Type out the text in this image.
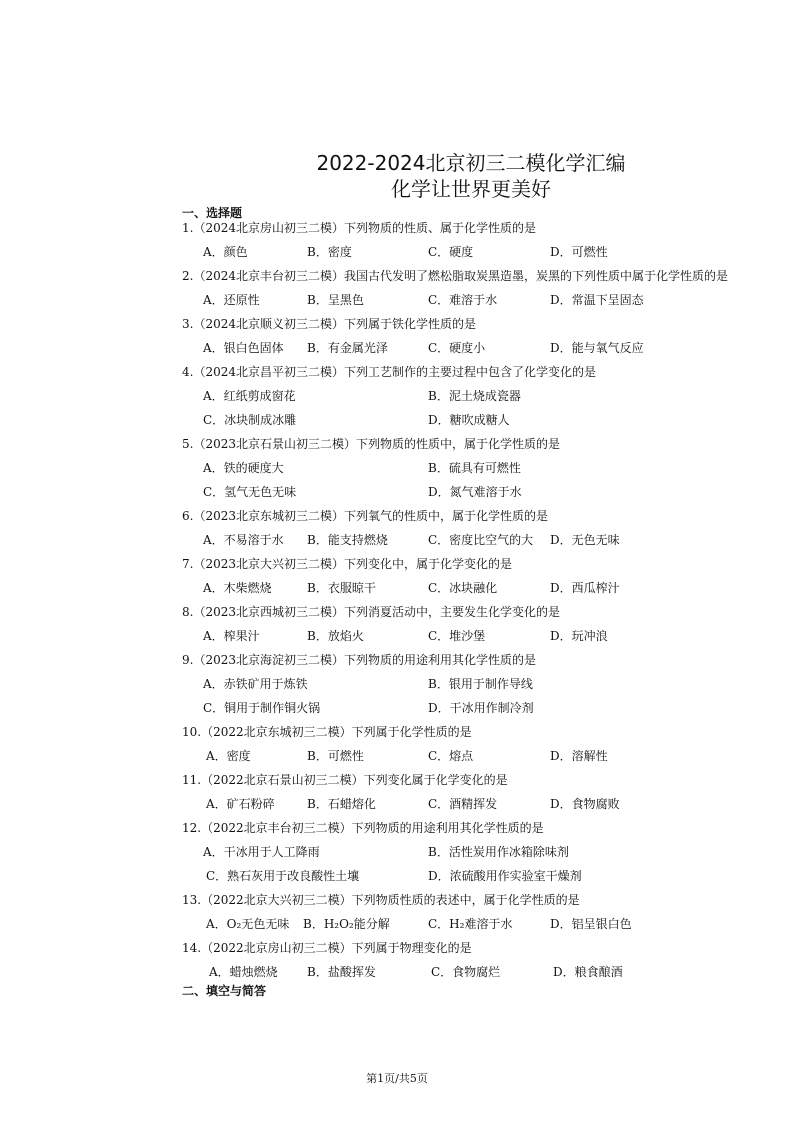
2022-2024北京初三二模化学汇编
化学让世界更美好
一、选择题
1.（2024北京房山初三二模）下列物质的性质、属于化学性质的是
A．颜色	B．密度	C．硬度	D．可燃性
2.（2024北京丰台初三二模）我国古代发明了燃松脂取炭黑造墨，炭黑的下列性质中属于化学性质的是
A．还原性	B．呈黑色	C．难溶于水	D．常温下呈固态
3.（2024北京顺义初三二模）下列属于铁化学性质的是
A．银白色固体 B．有金属光泽	C．硬度小	D．能与氧气反应
4.（2024北京昌平初三二模）下列工艺制作的主要过程中包含了化学变化的是
A．红纸剪成窗花	B．泥土烧成瓷器
C．冰块制成冰雕	D．糖吹成糖人
5.（2023北京石景山初三二模）下列物质的性质中，属于化学性质的是
A．铁的硬度大	B．硫具有可燃性
C．氢气无色无味	D．氮气难溶于水
6.（2023北京东城初三二模）下列氧气的性质中，属于化学性质的是
A．不易溶于水 B．能支持燃烧	C．密度比空气的大 D．无色无味
7.（2023北京大兴初三二模）下列变化中，属于化学变化的是
A．木柴燃烧	B．衣服晾干	C．冰块融化	D．西瓜榨汁
8.（2023北京西城初三二模）下列消夏活动中，主要发生化学变化的是
A．榨果汁	B．放焰火	C．堆沙堡	D．玩冲浪
9.（2023北京海淀初三二模）下列物质的用途利用其化学性质的是
A．赤铁矿用于炼铁	B．银用于制作导线
C．铜用于制作铜火锅	D．干冰用作制冷剂
10.（2022北京东城初三二模）下列属于化学性质的是
A．密度	B．可燃性	C．熔点	D．溶解性
11.（2022北京石景山初三二模）下列变化属于化学变化的是
A．矿石粉碎	B．石蜡熔化	C．酒精挥发	D．食物腐败
12.（2022北京丰台初三二模）下列物质的用途利用其化学性质的是
A．干冰用于人工降雨	B．活性炭用作冰箱除味剂
C．熟石灰用于改良酸性土壤	D．浓硫酸用作实验室干燥剂
13.（2022北京大兴初三二模）下列物质性质的表述中，属于化学性质的是
A．O₂无色无味 B．H₂O₂能分解	C．H₂难溶于水	D．铝呈银白色
14.（2022北京房山初三二模）下列属于物理变化的是
A．蜡烛燃烧 B．盐酸挥发	C．食物腐烂	D．粮食酿酒
二、填空与简答
第1页/共5页
